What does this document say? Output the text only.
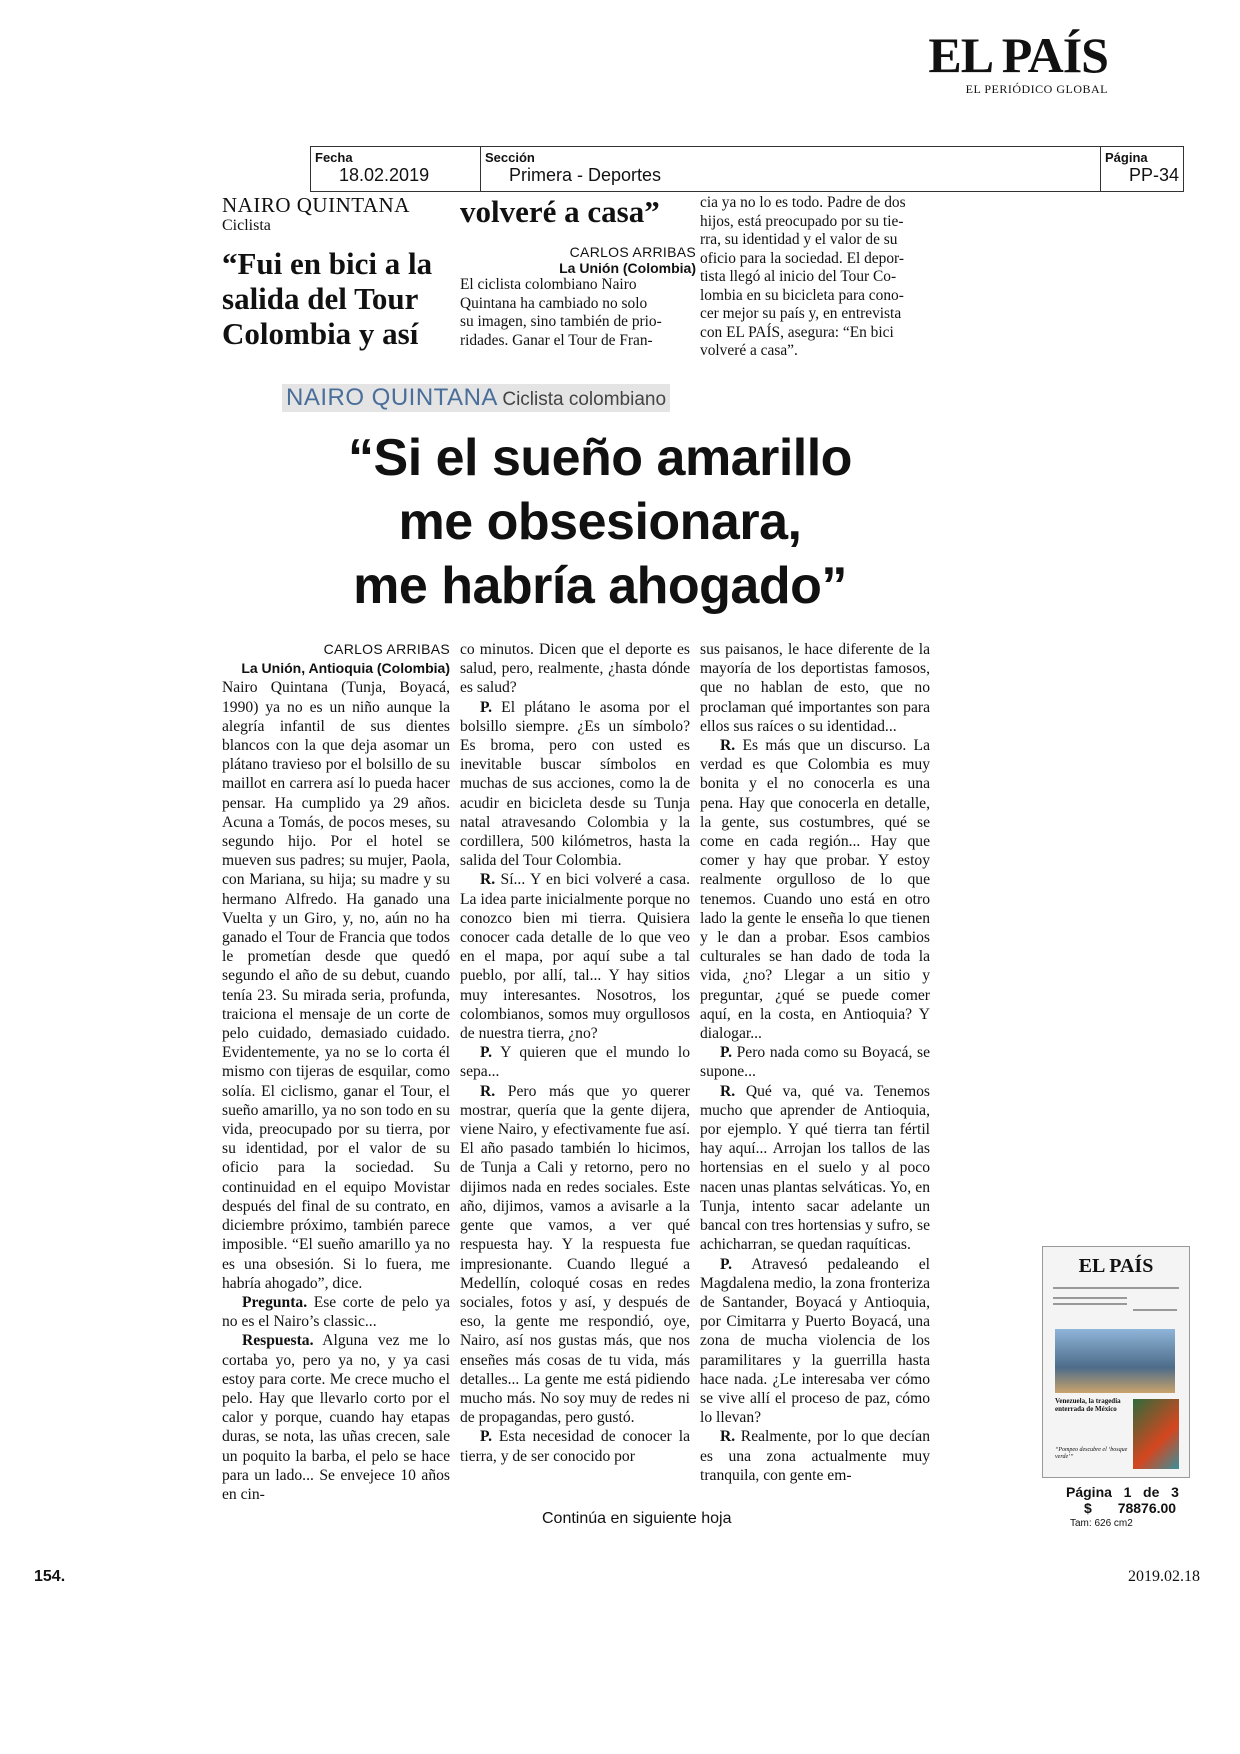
EL PAÍS
EL PERIÓDICO GLOBAL
Fecha
18.02.2019
Sección
Primera - Deportes
Página
PP-34
NAIRO QUINTANA
Ciclista
“Fui en bici a la
salida del Tour
Colombia y así
volveré a casa”
CARLOS ARRIBAS
La Unión (Colombia)
El ciclista colombiano Nairo
Quintana ha cambiado no solo
su imagen, sino también de prio-
ridades. Ganar el Tour de Fran-
cia ya no lo es todo. Padre de dos
hijos, está preocupado por su tie-
rra, su identidad y el valor de su
oficio para la sociedad. El depor-
tista llegó al inicio del Tour Co-
lombia en su bicicleta para cono-
cer mejor su país y, en entrevista
con EL PAÍS, asegura: “En bici
volveré a casa”.
NAIRO QUINTANA Ciclista colombiano
“Si el sueño amarillo
me obsesionara,
me habría ahogado”
CARLOS ARRIBAS
La Unión, Antioquia (Colombia)

Nairo Quintana (Tunja, Boyacá, 1990) ya no es un niño aunque la alegría infantil de sus dientes blancos con la que deja asomar un plátano travieso por el bolsillo de su maillot en carrera así lo pueda hacer pensar. Ha cumplido ya 29 años. Acuna a Tomás, de pocos meses, su segundo hijo. Por el hotel se mueven sus padres; su mujer, Paola, con Mariana, su hija; su madre y su hermano Alfredo. Ha ganado una Vuelta y un Giro, y, no, aún no ha ganado el Tour de Francia que todos le prometían desde que quedó segundo el año de su debut, cuando tenía 23. Su mirada seria, profunda, traiciona el mensaje de un corte de pelo cuidado, demasiado cuidado. Evidentemente, ya no se lo corta él mismo con tijeras de esquilar, como solía. El ciclismo, ganar el Tour, el sueño amarillo, ya no son todo en su vida, preocupado por su tierra, por su identidad, por el valor de su oficio para la sociedad. Su continuidad en el equipo Movistar después del final de su contrato, en diciembre próximo, también parece imposible. “El sueño amarillo ya no es una obsesión. Si lo fuera, me habría ahogado”, dice.

Pregunta. Ese corte de pelo ya no es el Nairo’s classic...

Respuesta. Alguna vez me lo cortaba yo, pero ya no, y ya casi estoy para corte. Me crece mucho el pelo. Hay que llevarlo corto por el calor y porque, cuando hay etapas duras, se nota, las uñas crecen, sale un poquito la barba, el pelo se hace para un lado... Se envejece 10 años en cin-

co minutos. Dicen que el deporte es salud, pero, realmente, ¿hasta dónde es salud?

P. El plátano le asoma por el bolsillo siempre. ¿Es un símbolo? Es broma, pero con usted es inevitable buscar símbolos en muchas de sus acciones, como la de acudir en bicicleta desde su Tunja natal atravesando Colombia y la cordillera, 500 kilómetros, hasta la salida del Tour Colombia.

R. Sí... Y en bici volveré a casa. La idea parte inicialmente porque no conozco bien mi tierra. Quisiera conocer cada detalle de lo que veo en el mapa, por aquí sube a tal pueblo, por allí, tal... Y hay sitios muy interesantes. Nosotros, los colombianos, somos muy orgullosos de nuestra tierra, ¿no?

P. Y quieren que el mundo lo sepa...

R. Pero más que yo querer mostrar, quería que la gente dijera, viene Nairo, y efectivamente fue así. El año pasado también lo hicimos, de Tunja a Cali y retorno, pero no dijimos nada en redes sociales. Este año, dijimos, vamos a avisarle a la gente que vamos, a ver qué respuesta hay. Y la respuesta fue impresionante. Cuando llegué a Medellín, coloqué cosas en redes sociales, fotos y así, y después de eso, la gente me respondió, oye, Nairo, así nos gustas más, que nos enseñes más cosas de tu vida, más detalles... La gente me está pidiendo mucho más. No soy muy de redes ni de propagandas, pero gustó.

P. Esta necesidad de conocer la tierra, y de ser conocido por

sus paisanos, le hace diferente de la mayoría de los deportistas famosos, que no hablan de esto, que no proclaman qué importantes son para ellos sus raíces o su identidad...

R. Es más que un discurso. La verdad es que Colombia es muy bonita y el no conocerla es una pena. Hay que conocerla en detalle, la gente, sus costumbres, qué se come en cada región... Hay que comer y hay que probar. Y estoy realmente orgulloso de lo que tenemos. Cuando uno está en otro lado la gente le enseña lo que tienen y le dan a probar. Esos cambios culturales se han dado de toda la vida, ¿no? Llegar a un sitio y preguntar, ¿qué se puede comer aquí, en la costa, en Antioquia? Y dialogar...

P. Pero nada como su Boyacá, se supone...

R. Qué va, qué va. Tenemos mucho que aprender de Antioquia, por ejemplo. Y qué tierra tan fértil hay aquí... Arrojan los tallos de las hortensias en el suelo y al poco nacen unas plantas selváticas. Yo, en Tunja, intento sacar adelante un bancal con tres hortensias y sufro, se achicharran, se quedan raquíticas.

P. Atravesó pedaleando el Magdalena medio, la zona fronteriza de Santander, Boyacá y Antioquia, por Cimitarra y Puerto Boyacá, una zona de mucha violencia de los paramilitares y la guerrilla hasta hace nada. ¿Le interesaba ver cómo se vive allí el proceso de paz, cómo lo llevan?

R. Realmente, por lo que decían es una zona actualmente muy tranquila, con gente em-

EL PAÍS
Venezuela, la tragedia enterrada de México
“Pompeo descubre el ‘bosque verde’”
Página 1 de 3
$ 78876.00
Tam: 626 cm2
Continúa en siguiente hoja
154.	2019.02.18
